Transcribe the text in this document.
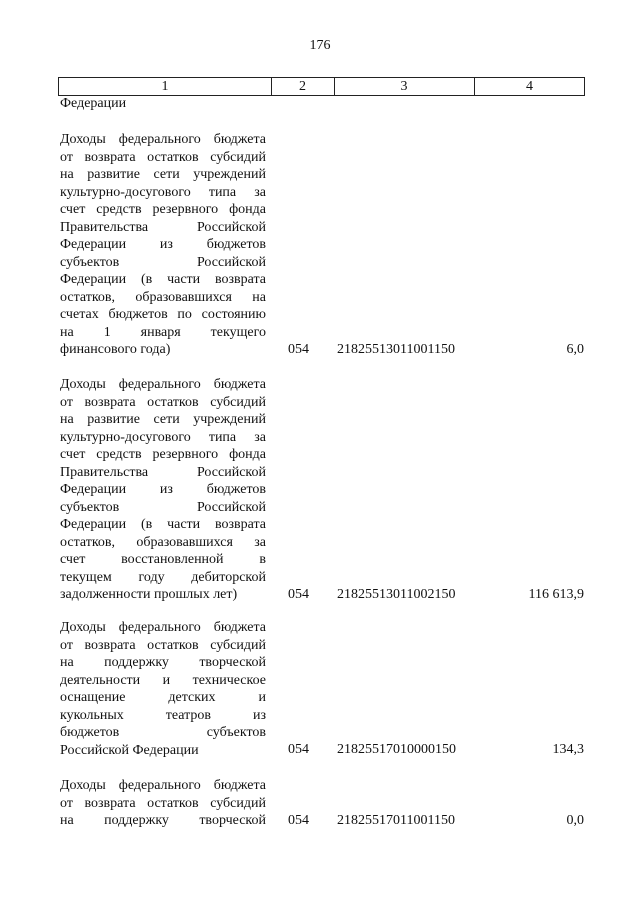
176
1	2	3	4
Федерации
Доходы федерального бюджета
от возврата остатков субсидий
на развитие сети учреждений
культурно-досугового типа за
счет средств резервного фонда
Правительства Российской
Федерации из бюджетов
субъектов Российской
Федерации (в части возврата
остатков, образовавшихся на
счетах бюджетов по состоянию
на 1 января текущего
финансового года)	054	21825513011001150	6,0
Доходы федерального бюджета
от возврата остатков субсидий
на развитие сети учреждений
культурно-досугового типа за
счет средств резервного фонда
Правительства Российской
Федерации из бюджетов
субъектов Российской
Федерации (в части возврата
остатков, образовавшихся за
счет восстановленной в
текущем году дебиторской
задолженности прошлых лет)	054	21825513011002150	116 613,9
Доходы федерального бюджета
от возврата остатков субсидий
на поддержку творческой
деятельности и техническое
оснащение детских и
кукольных театров из
бюджетов субъектов
Российской Федерации	054	21825517010000150	134,3
Доходы федерального бюджета
от возврата остатков субсидий
на поддержку творческой 054	21825517011001150	0,0
